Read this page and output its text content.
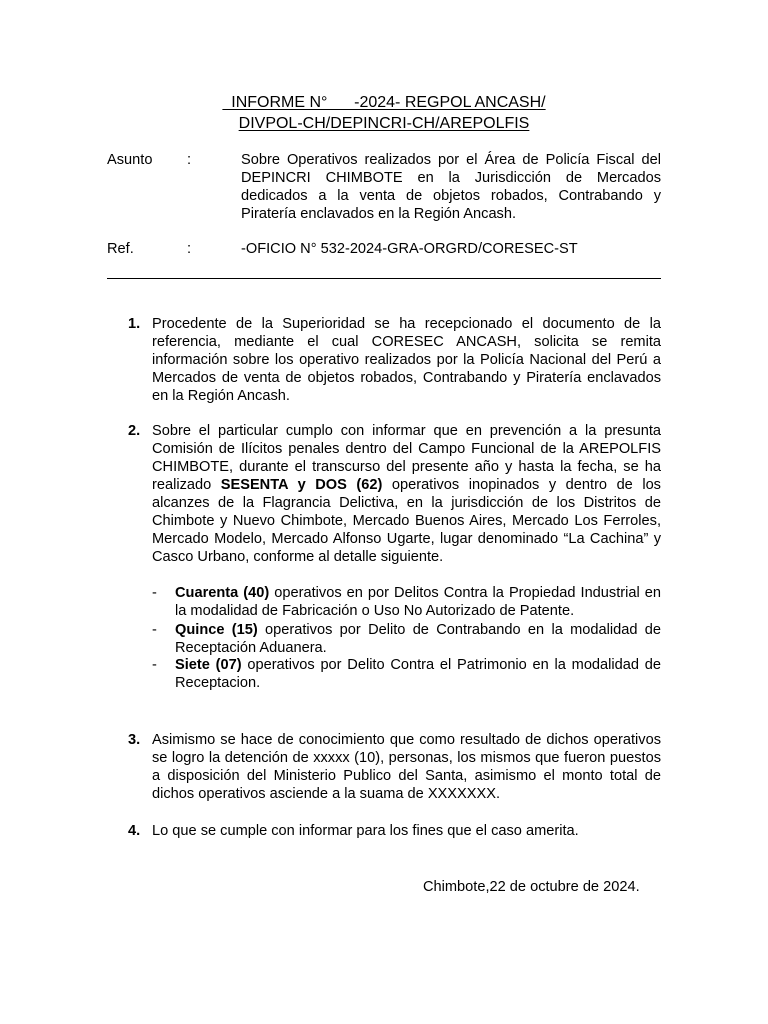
INFORME N°      -2024- REGPOL ANCASH/
DIVPOL-CH/DEPINCRI-CH/AREPOLFIS
Asunto :	Sobre Operativos realizados por el Área de Policía Fiscal del DEPINCRI CHIMBOTE en la Jurisdicción de Mercados dedicados a la venta de objetos robados, Contrabando y Piratería enclavados en la Región Ancash.
Ref.	:	-OFICIO N° 532-2024-GRA-ORGRD/CORESEC-ST
1. Procedente de la Superioridad se ha recepcionado el documento de la referencia, mediante el cual CORESEC ANCASH, solicita se remita información sobre los operativo realizados por la Policía Nacional del Perú a Mercados de venta de objetos robados, Contrabando y Piratería enclavados en la Región Ancash.
2. Sobre el particular cumplo con informar que en prevención a la presunta Comisión de Ilícitos penales dentro del Campo Funcional de la AREPOLFIS CHIMBOTE, durante el transcurso del presente año y hasta la fecha, se ha realizado SESENTA y DOS (62) operativos inopinados y dentro de los alcanzes de la Flagrancia Delictiva, en la jurisdicción de los Distritos de Chimbote y Nuevo Chimbote, Mercado Buenos Aires, Mercado Los Ferroles, Mercado Modelo, Mercado Alfonso Ugarte, lugar denominado “La Cachina” y Casco Urbano, conforme al detalle siguiente.
- Cuarenta (40) operativos en por Delitos Contra la Propiedad Industrial en la modalidad de Fabricación o Uso No Autorizado de Patente.
- Quince (15) operativos por Delito de Contrabando en la modalidad de Receptación Aduanera.
- Siete (07) operativos por Delito Contra el Patrimonio en la modalidad de Receptacion.
3. Asimismo se hace de conocimiento que como resultado de dichos operativos se logro la detención de xxxxx (10), personas, los mismos que fueron puestos a disposición del Ministerio Publico del Santa, asimismo el monto total de dichos operativos asciende a la suama de XXXXXXX.
4. Lo que se cumple con informar para los fines que el caso amerita.
Chimbote,22 de octubre de 2024.
